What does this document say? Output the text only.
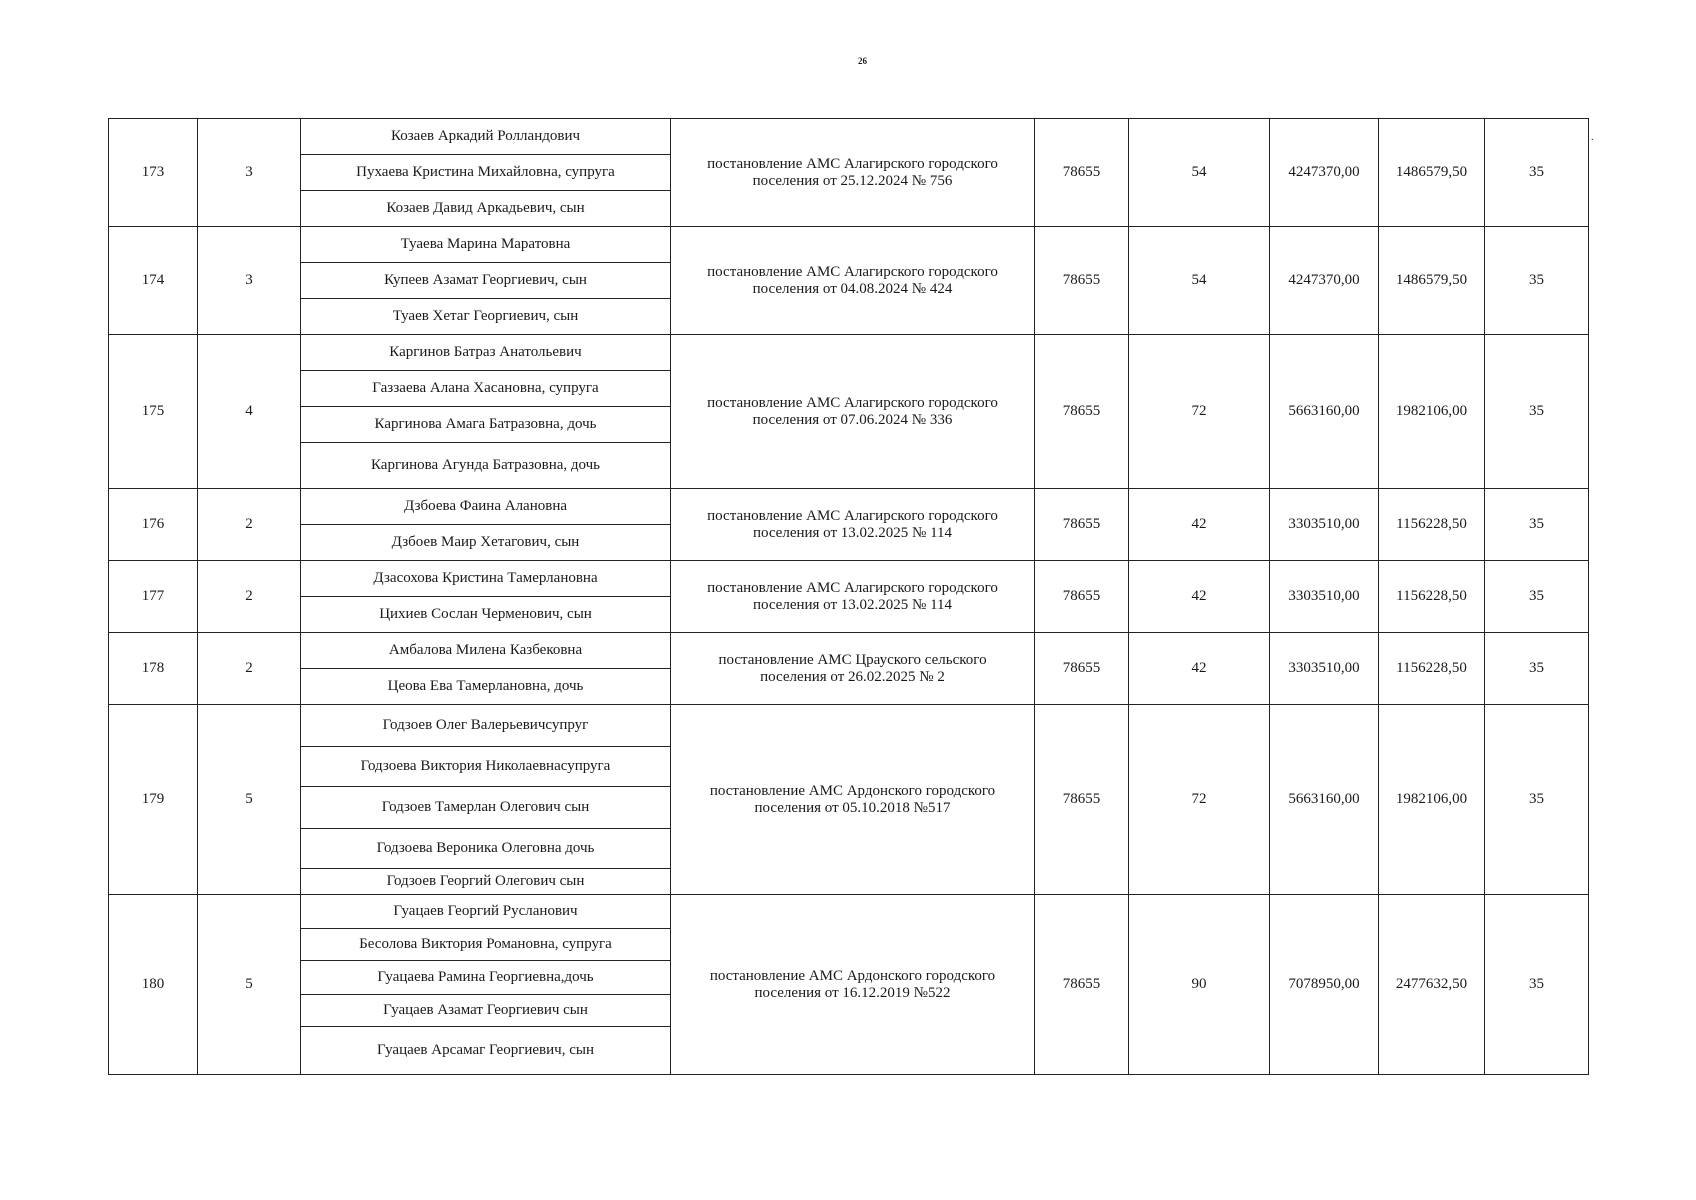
26
.
173	3	Козаев Аркадий Ролландович	постановление АМС Алагирского городского
поселения от 25.12.2024 № 756	78655	54	4247370,00	1486579,50	35
		Пухаева Кристина Михайловна, супруга						
		Козаев Давид Аркадьевич, сын						
174	3	Туаева Марина Маратовна	постановление АМС Алагирского городского
поселения от 04.08.2024 № 424	78655	54	4247370,00	1486579,50	35
		Купеев Азамат Георгиевич, сын						
		Туаев Хетаг Георгиевич, сын						
175	4	Каргинов Батраз Анатольевич	постановление АМС Алагирского городского
поселения от 07.06.2024 № 336	78655	72	5663160,00	1982106,00	35
		Газзаева Алана Хасановна, супруга						
		Каргинова Амага Батразовна, дочь						
		Каргинова Агунда Батразовна, дочь						
176	2	Дзбоева Фаина Алановна	постановление АМС Алагирского городского
поселения от 13.02.2025 № 114	78655	42	3303510,00	1156228,50	35
		Дзбоев Маир Хетагович, сын						
177	2	Дзасохова Кристина Тамерлановна	постановление АМС Алагирского городского
поселения от 13.02.2025 № 114	78655	42	3303510,00	1156228,50	35
		Цихиев Сослан Черменович, сын						
178	2	Амбалова Милена Казбековна	постановление АМС Црауского сельского
поселения от 26.02.2025 № 2	78655	42	3303510,00	1156228,50	35
		Цеова Ева Тамерлановна, дочь						
179	5	Годзоев Олег Валерьевичсупруг	постановление АМС Ардонского городского
поселения от 05.10.2018 №517	78655	72	5663160,00	1982106,00	35
		Годзоева Виктория Николаевнасупруга						
		Годзоев Тамерлан Олегович сын						
		Годзоева Вероника Олеговна дочь						
		Годзоев Георгий Олегович сын						
180	5	Гуацаев Георгий Русланович	постановление АМС Ардонского городского
поселения от 16.12.2019 №522	78655	90	7078950,00	2477632,50	35
		Бесолова Виктория Романовна, супруга						
		Гуацаева Рамина Георгиевна,дочь						
		Гуацаев Азамат Георгиевич сын						
		Гуацаев Арсамаг Георгиевич, сын						
